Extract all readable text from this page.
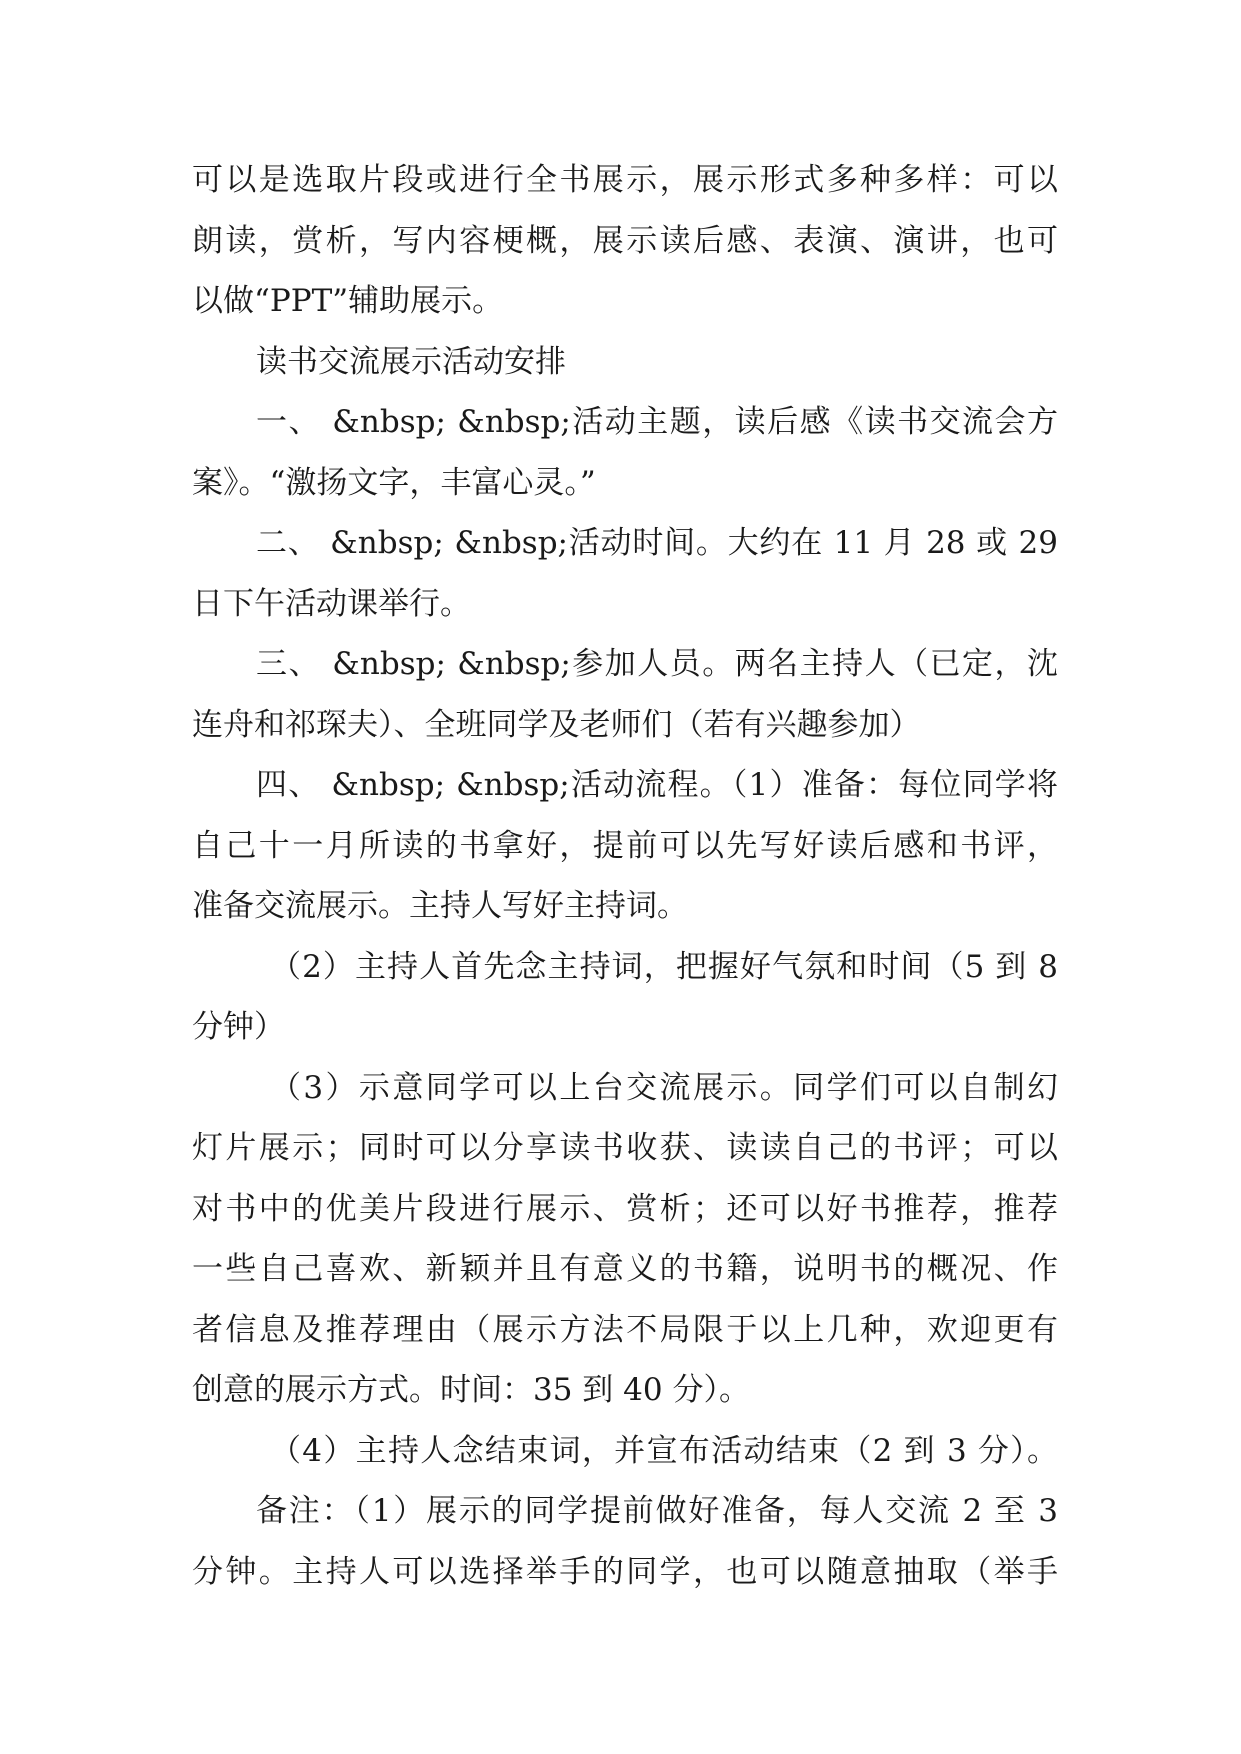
可以是选取片段或进行全书展示，展示形式多种多样：可以
朗读，赏析，写内容梗概，展示读后感、表演、演讲，也可
以做“PPT”辅助展示。
读书交流展示活动安排
一、 &nbsp; &nbsp;活动主题，读后感《读书交流会方
案》。“激扬文字，丰富心灵。”
二、 &nbsp; &nbsp;活动时间。大约在 11 月 28 或 29
日下午活动课举行。
三、 &nbsp; &nbsp;参加人员。两名主持人（已定，沈
连舟和祁琛夫）、全班同学及老师们（若有兴趣参加）
四、 &nbsp; &nbsp;活动流程。（1）准备：每位同学将
自己十一月所读的书拿好，提前可以先写好读后感和书评，
准备交流展示。主持人写好主持词。
（2）主持人首先念主持词，把握好气氛和时间（5 到 8
分钟）
（3）示意同学可以上台交流展示。同学们可以自制幻
灯片展示；同时可以分享读书收获、读读自己的书评；可以
对书中的优美片段进行展示、赏析；还可以好书推荐，推荐
一些自己喜欢、新颖并且有意义的书籍，说明书的概况、作
者信息及推荐理由（展示方法不局限于以上几种，欢迎更有
创意的展示方式。时间：35 到 40 分）。
（4）主持人念结束词，并宣布活动结束（2 到 3 分）。
备注：（1）展示的同学提前做好准备，每人交流 2 至 3
分钟。主持人可以选择举手的同学，也可以随意抽取（举手
